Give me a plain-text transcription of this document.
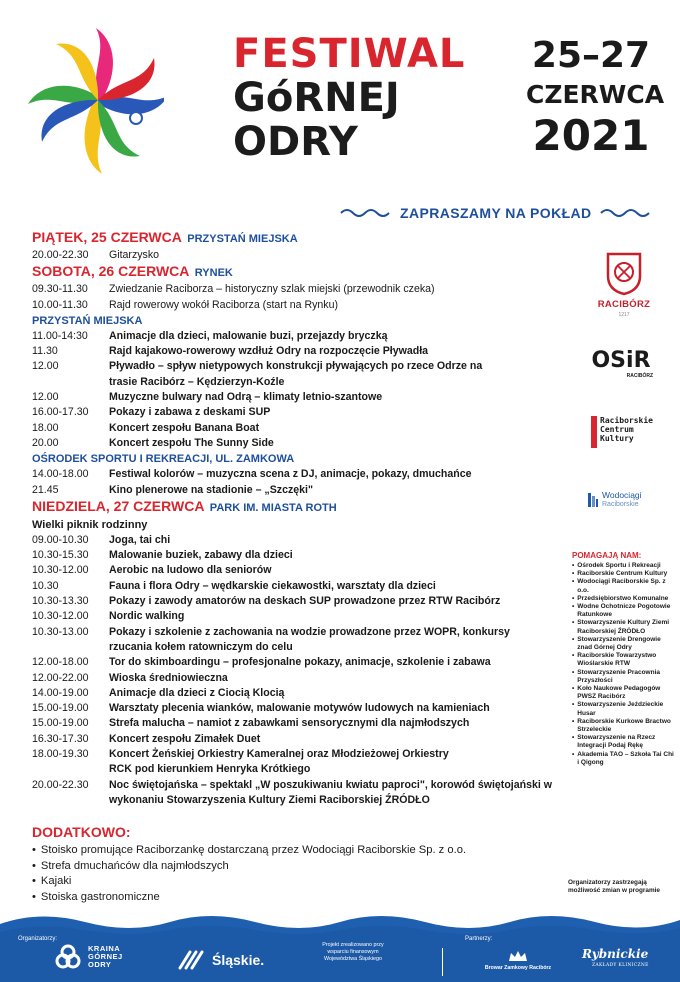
FESTIWAL
GóRNEJ
ODRY
25–27
CZERWCA
2021
ZAPRASZAMY NA POKŁAD
PIĄTEK, 25 CZERWCA PRZYSTAŃ MIEJSKA
20.00-22.30	Gitarzysko
SOBOTA, 26 CZERWCA RYNEK
09.30-11.30	Zwiedzanie Raciborza – historyczny szlak miejski (przewodnik czeka)
10.00-11.30	Rajd rowerowy wokół Raciborza (start na Rynku)
PRZYSTAŃ MIEJSKA
11.00-14:30	Animacje dla dzieci, malowanie buzi, przejazdy bryczką
11.30	Rajd kajakowo-rowerowy wzdłuż Odry na rozpoczęcie Pływadła
12.00	Pływadło – spływ nietypowych konstrukcji pływających po rzece Odrze na trasie Racibórz – Kędzierzyn-Koźle
12.00	Muzyczne bulwary nad Odrą – klimaty letnio-szantowe
16.00-17.30	Pokazy i zabawa z deskami SUP
18.00	Koncert zespołu Banana Boat
20.00	Koncert zespołu The Sunny Side
OŚRODEK SPORTU I REKREACJI, UL. ZAMKOWA
14.00-18.00	Festiwal kolorów – muzyczna scena z DJ, animacje, pokazy, dmuchańce
21.45	Kino plenerowe na stadionie – „Szczęki"
NIEDZIELA, 27 CZERWCA PARK IM. MIASTA ROTH
Wielki piknik rodzinny
09.00-10.30	Joga, tai chi
10.30-15.30	Malowanie buziek, zabawy dla dzieci
10.30-12.00	Aerobic na ludowo dla seniorów
10.30	Fauna i flora Odry – wędkarskie ciekawostki, warsztaty dla dzieci
10.30-13.30	Pokazy i zawody amatorów na deskach SUP prowadzone przez RTW Racibórz
10.30-12.00	Nordic walking
10.30-13.00	Pokazy i szkolenie z zachowania na wodzie prowadzone przez WOPR, konkursy rzucania kołem ratowniczym do celu
12.00-18.00	Tor do skimboardingu – profesjonalne pokazy, animacje, szkolenie i zabawa
12.00-22.00	Wioska średniowieczna
14.00-19.00	Animacje dla dzieci z Ciocią Klocią
15.00-19.00	Warsztaty plecenia wianków, malowanie motywów ludowych na kamieniach
15.00-19.00	Strefa malucha – namiot z zabawkami sensorycznymi dla najmłodszych
16.30-17.30	Koncert zespołu Zimałek Duet
18.00-19.30	Koncert Żeńskiej Orkiestry Kameralnej oraz Młodzieżowej Orkiestry RCK pod kierunkiem Henryka Krótkiego
20.00-22.30	Noc świętojańska – spektakl „W poszukiwaniu kwiatu paproci", korowód świętojański w wykonaniu Stowarzyszenia Kultury Ziemi Raciborskiej ŹRÓDŁO
DODATKOWO:
• Stoisko promujące Raciborzankę dostarczaną przez Wodociągi Raciborskie Sp. z o.o.
• Strefa dmuchańców dla najmłodszych
• Kajaki
• Stoiska gastronomiczne
RACIBÓRZ
1217
OSiR
RACIBÓRZ
Raciborskie
Centrum
Kultury
Wodociągi
Raciborskie
POMAGAJĄ NAM:
• Ośrodek Sportu i Rekreacji
• Raciborskie Centrum Kultury
• Wodociągi Raciborskie Sp. z o.o.
• Przedsiębiorstwo Komunalne
• Wodne Ochotnicze Pogotowie Ratunkowe
• Stowarzyszenie Kultury Ziemi Raciborskiej ŹRÓDŁO
• Stowarzyszenie Drengowie znad Górnej Odry
• Raciborskie Towarzystwo Wioślarskie RTW
• Stowarzyszenie Pracownia Przyszłości
• Koło Naukowe Pedagogów PWSZ Racibórz
• Stowarzyszenie Jeździeckie Husar
• Raciborskie Kurkowe Bractwo Strzeleckie
• Stowarzyszenie na Rzecz Integracji Podaj Rękę
• Akademia TAO – Szkoła Tai Chi i Qigong
Organizatorzy zastrzegają możliwość zmian w programie
Organizatorzy:
KRAINA
GÓRNEJ
ODRY	Śląskie.
Projekt zrealizowano przy wsparciu finansowym Województwa Śląskiego
Partnerzy:
Browar Zamkowy Racibórz
Rybnickie
ZAKŁADY KLINICZNE
